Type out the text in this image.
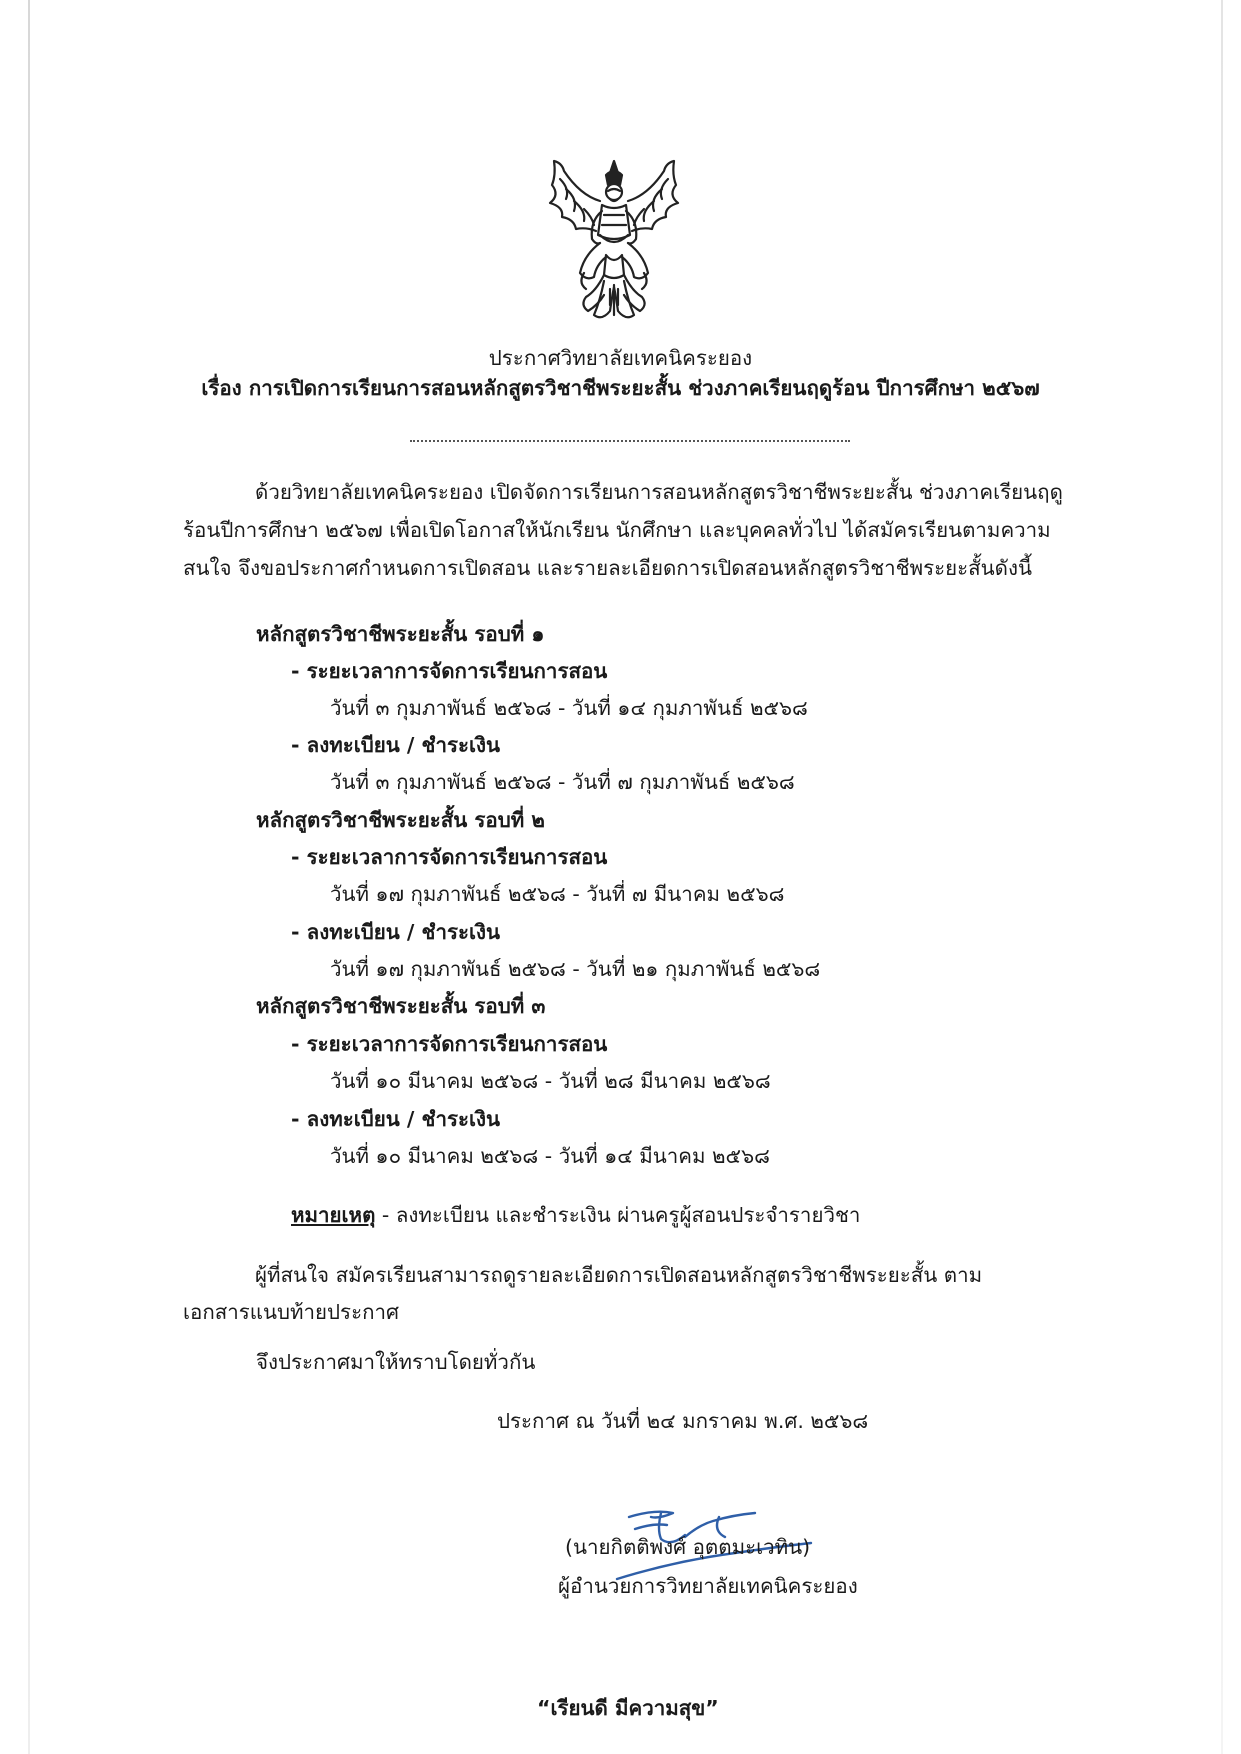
ประกาศวิทยาลัยเทคนิคระยอง
เรื่อง การเปิดการเรียนการสอนหลักสูตรวิชาชีพระยะสั้น ช่วงภาคเรียนฤดูร้อน ปีการศึกษา ๒๕๖๗
ด้วยวิทยาลัยเทคนิคระยอง เปิดจัดการเรียนการสอนหลักสูตรวิชาชีพระยะสั้น ช่วงภาคเรียนฤดู
ร้อนปีการศึกษา ๒๕๖๗ เพื่อเปิดโอกาสให้นักเรียน นักศึกษา และบุคคลทั่วไป ได้สมัครเรียนตามความ
สนใจ จึงขอประกาศกำหนดการเปิดสอน และรายละเอียดการเปิดสอนหลักสูตรวิชาชีพระยะสั้นดังนี้
หลักสูตรวิชาชีพระยะสั้น รอบที่ ๑
- ระยะเวลาการจัดการเรียนการสอน
วันที่ ๓ กุมภาพันธ์ ๒๕๖๘ - วันที่ ๑๔ กุมภาพันธ์ ๒๕๖๘
- ลงทะเบียน / ชำระเงิน
วันที่ ๓ กุมภาพันธ์ ๒๕๖๘ - วันที่ ๗ กุมภาพันธ์ ๒๕๖๘
หลักสูตรวิชาชีพระยะสั้น รอบที่ ๒
- ระยะเวลาการจัดการเรียนการสอน
วันที่ ๑๗ กุมภาพันธ์ ๒๕๖๘ - วันที่ ๗ มีนาคม ๒๕๖๘
- ลงทะเบียน / ชำระเงิน
วันที่ ๑๗ กุมภาพันธ์ ๒๕๖๘ - วันที่ ๒๑ กุมภาพันธ์ ๒๕๖๘
หลักสูตรวิชาชีพระยะสั้น รอบที่ ๓
- ระยะเวลาการจัดการเรียนการสอน
วันที่ ๑๐ มีนาคม ๒๕๖๘ - วันที่ ๒๘ มีนาคม ๒๕๖๘
- ลงทะเบียน / ชำระเงิน
วันที่ ๑๐ มีนาคม ๒๕๖๘ - วันที่ ๑๔ มีนาคม ๒๕๖๘
หมายเหตุ - ลงทะเบียน และชำระเงิน ผ่านครูผู้สอนประจำรายวิชา
ผู้ที่สนใจ สมัครเรียนสามารถดูรายละเอียดการเปิดสอนหลักสูตรวิชาชีพระยะสั้น ตาม
เอกสารแนบท้ายประกาศ
จึงประกาศมาให้ทราบโดยทั่วกัน
ประกาศ ณ วันที่ ๒๔ มกราคม พ.ศ. ๒๕๖๘
(นายกิตติพงศ์ อุตตมะเวทิน)
ผู้อำนวยการวิทยาลัยเทคนิคระยอง
“เรียนดี มีความสุข”
